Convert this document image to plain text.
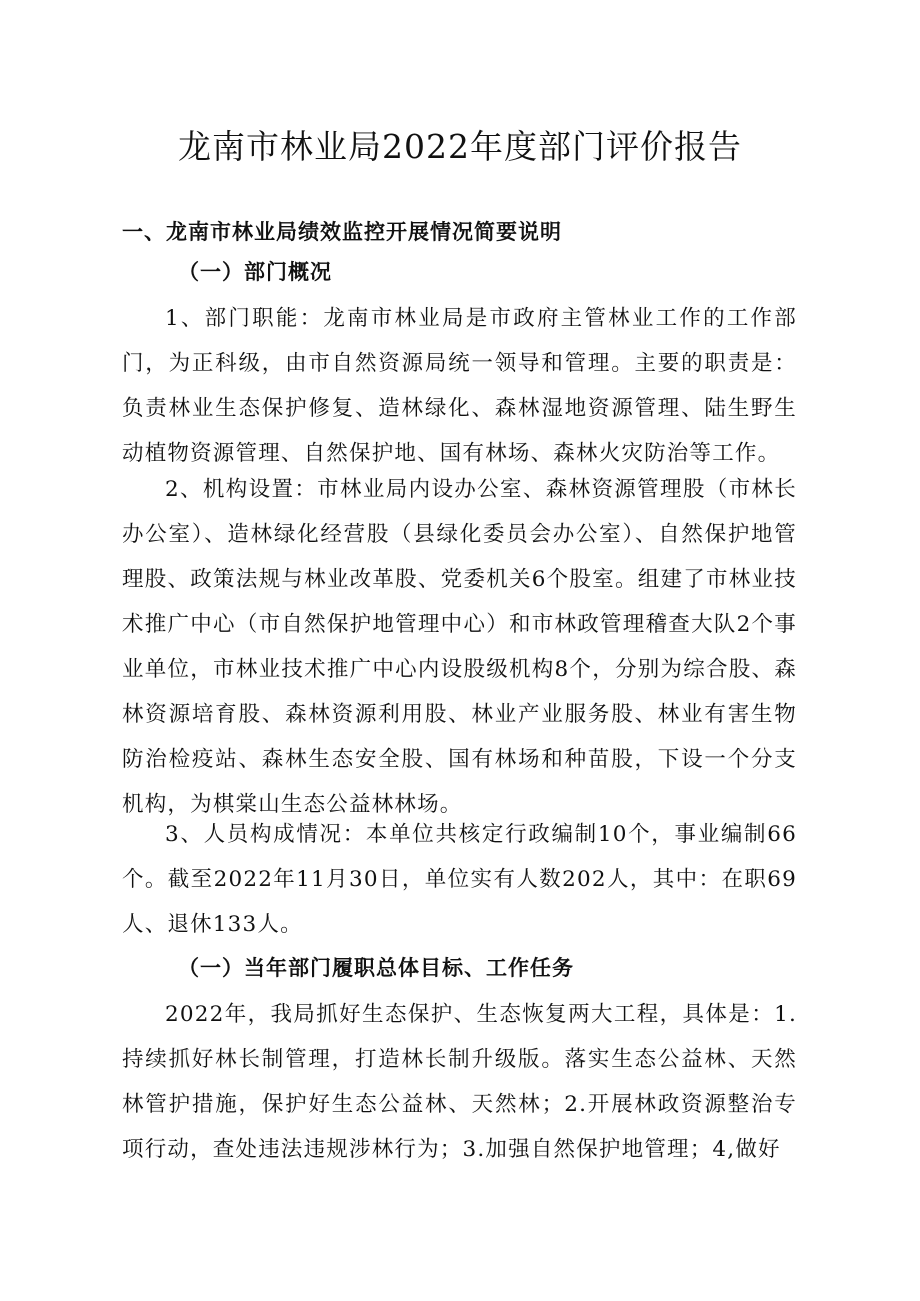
龙南市林业局2022年度部门评价报告
一、龙南市林业局绩效监控开展情况简要说明
（一）部门概况

1、部门职能：龙南市林业局是市政府主管林业工作的工作部门，为正科级，由市自然资源局统一领导和管理。主要的职责是：负责林业生态保护修复、造林绿化、森林湿地资源管理、陆生野生动植物资源管理、自然保护地、国有林场、森林火灾防治等工作。

2、机构设置：市林业局内设办公室、森林资源管理股（市林长办公室）、造林绿化经营股（县绿化委员会办公室）、自然保护地管理股、政策法规与林业改革股、党委机关6个股室。组建了市林业技术推广中心（市自然保护地管理中心）和市林政管理稽查大队2个事业单位，市林业技术推广中心内设股级机构8个，分别为综合股、森林资源培育股、森林资源利用股、林业产业服务股、林业有害生物防治检疫站、森林生态安全股、国有林场和种苗股，下设一个分支机构，为棋棠山生态公益林林场。

3、人员构成情况：本单位共核定行政编制10个，事业编制66个。截至2022年11月30日，单位实有人数202人，其中：在职69人、退休133人。

（一）当年部门履职总体目标、工作任务

2022年，我局抓好生态保护、生态恢复两大工程，具体是：1.持续抓好林长制管理，打造林长制升级版。落实生态公益林、天然林管护措施，保护好生态公益林、天然林；2.开展林政资源整治专项行动，查处违法违规涉林行为；3.加强自然保护地管理；4,做好
